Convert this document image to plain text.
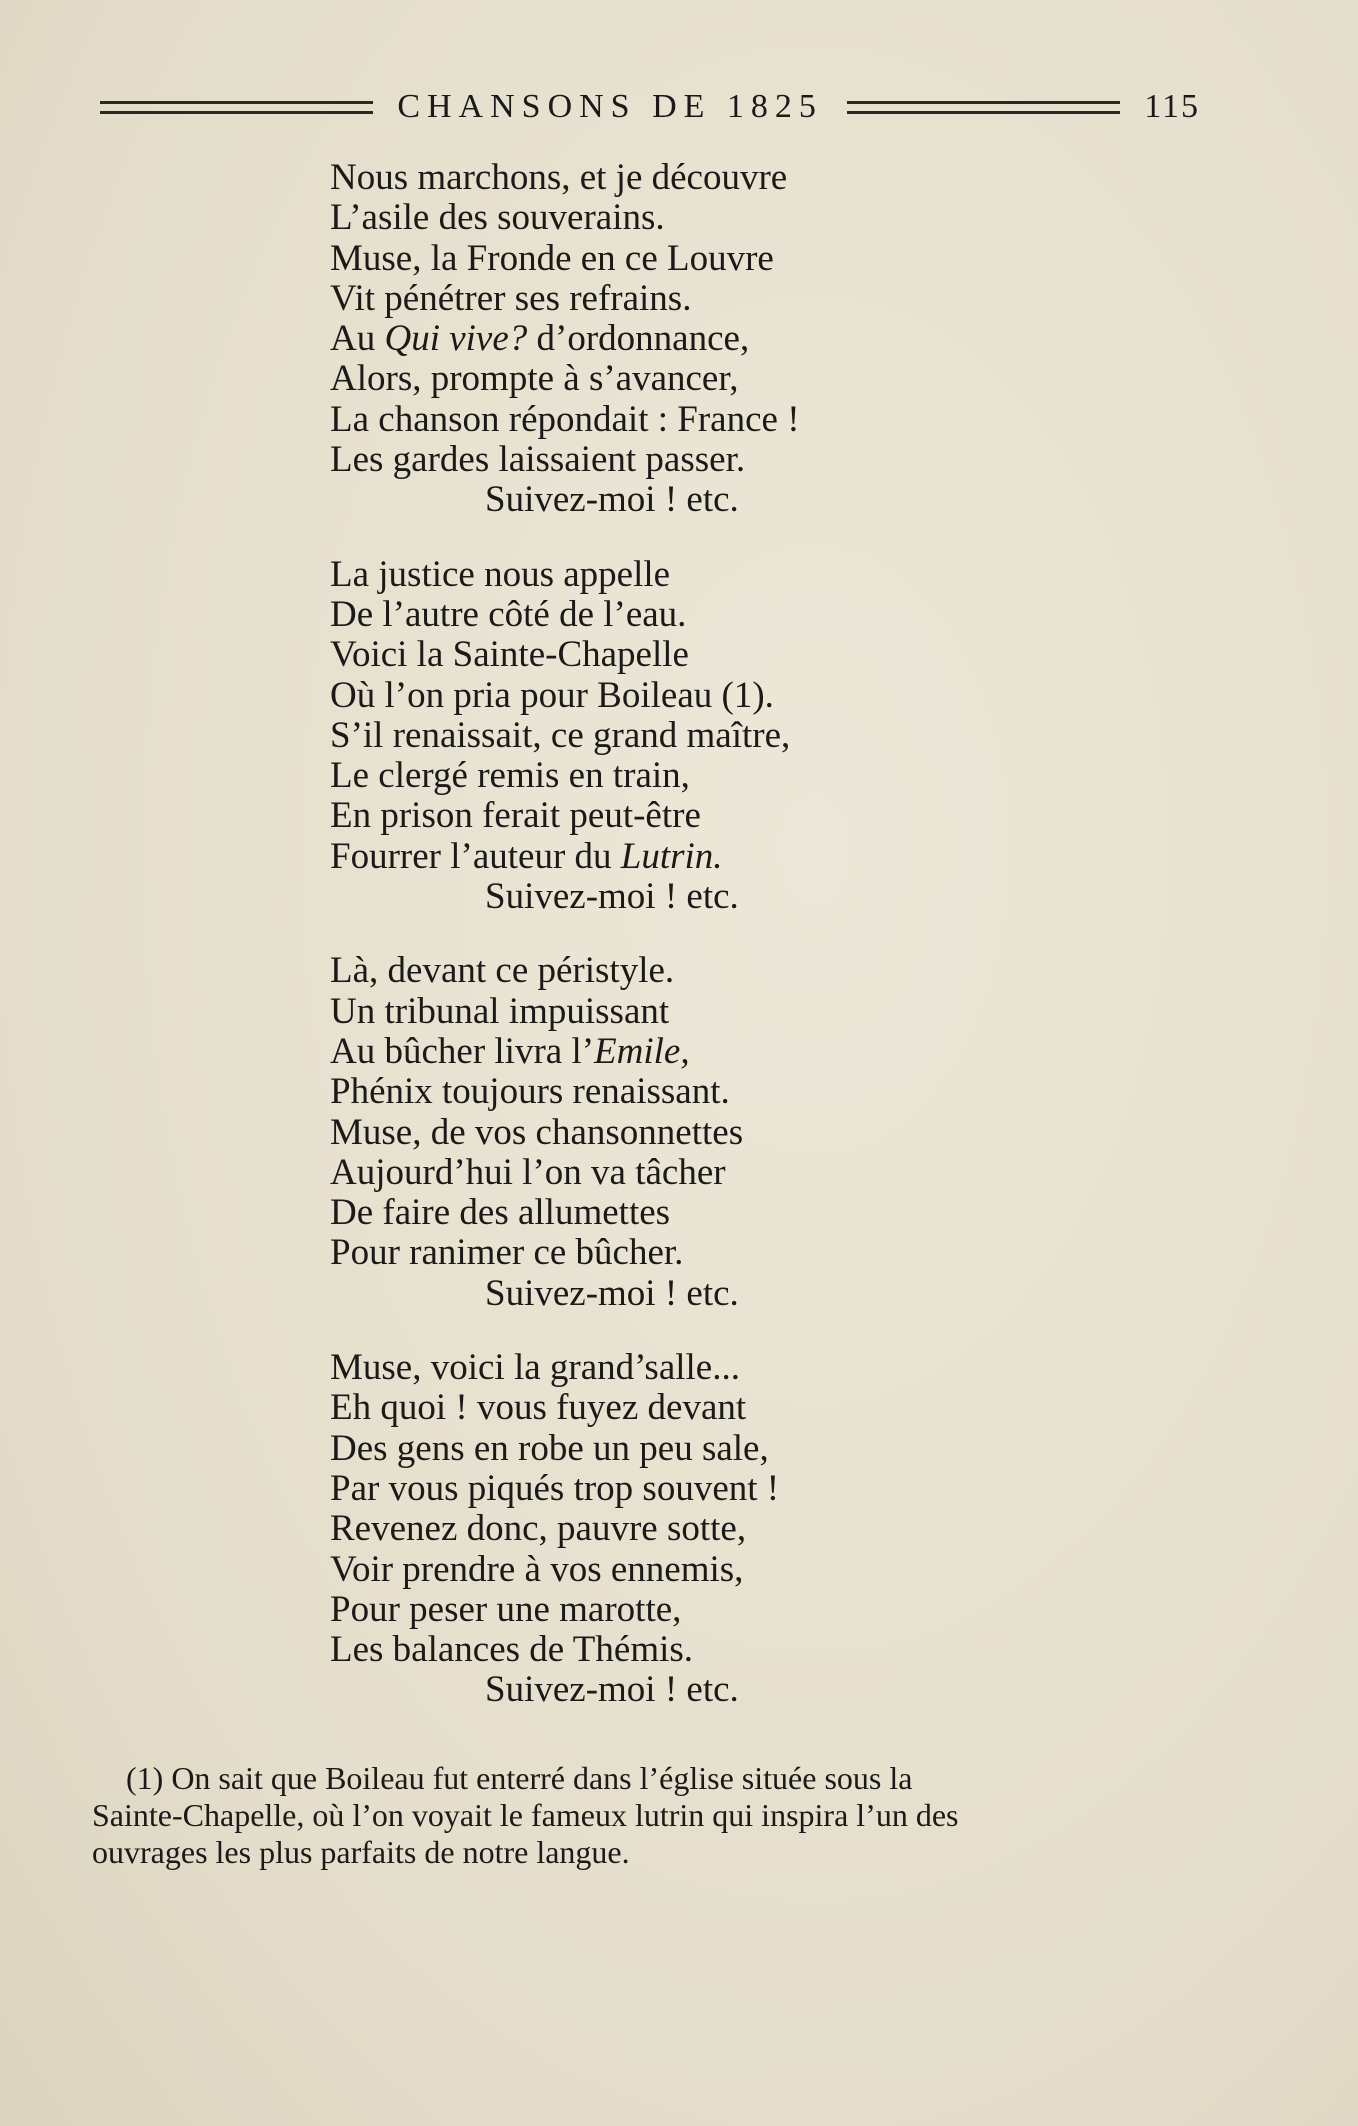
CHANSONS DE 1825	115
Nous marchons, et je découvre
L’asile des souverains.
Muse, la Fronde en ce Louvre
Vit pénétrer ses refrains.
Au Qui vive? d’ordonnance,
Alors, prompte à s’avancer,
La chanson répondait : France !
Les gardes laissaient passer.
Suivez-moi ! etc.
La justice nous appelle
De l’autre côté de l’eau.
Voici la Sainte-Chapelle
Où l’on pria pour Boileau (1).
S’il renaissait, ce grand maître,
Le clergé remis en train,
En prison ferait peut-être
Fourrer l’auteur du Lutrin.
Suivez-moi ! etc.
Là, devant ce péristyle.
Un tribunal impuissant
Au bûcher livra l’Emile,
Phénix toujours renaissant.
Muse, de vos chansonnettes
Aujourd’hui l’on va tâcher
De faire des allumettes
Pour ranimer ce bûcher.
Suivez-moi ! etc.
Muse, voici la grand’salle...
Eh quoi ! vous fuyez devant
Des gens en robe un peu sale,
Par vous piqués trop souvent !
Revenez donc, pauvre sotte,
Voir prendre à vos ennemis,
Pour peser une marotte,
Les balances de Thémis.
Suivez-moi ! etc.
(1) On sait que Boileau fut enterré dans l’église située sous la
Sainte-Chapelle, où l’on voyait le fameux lutrin qui inspira l’un des
ouvrages les plus parfaits de notre langue.
